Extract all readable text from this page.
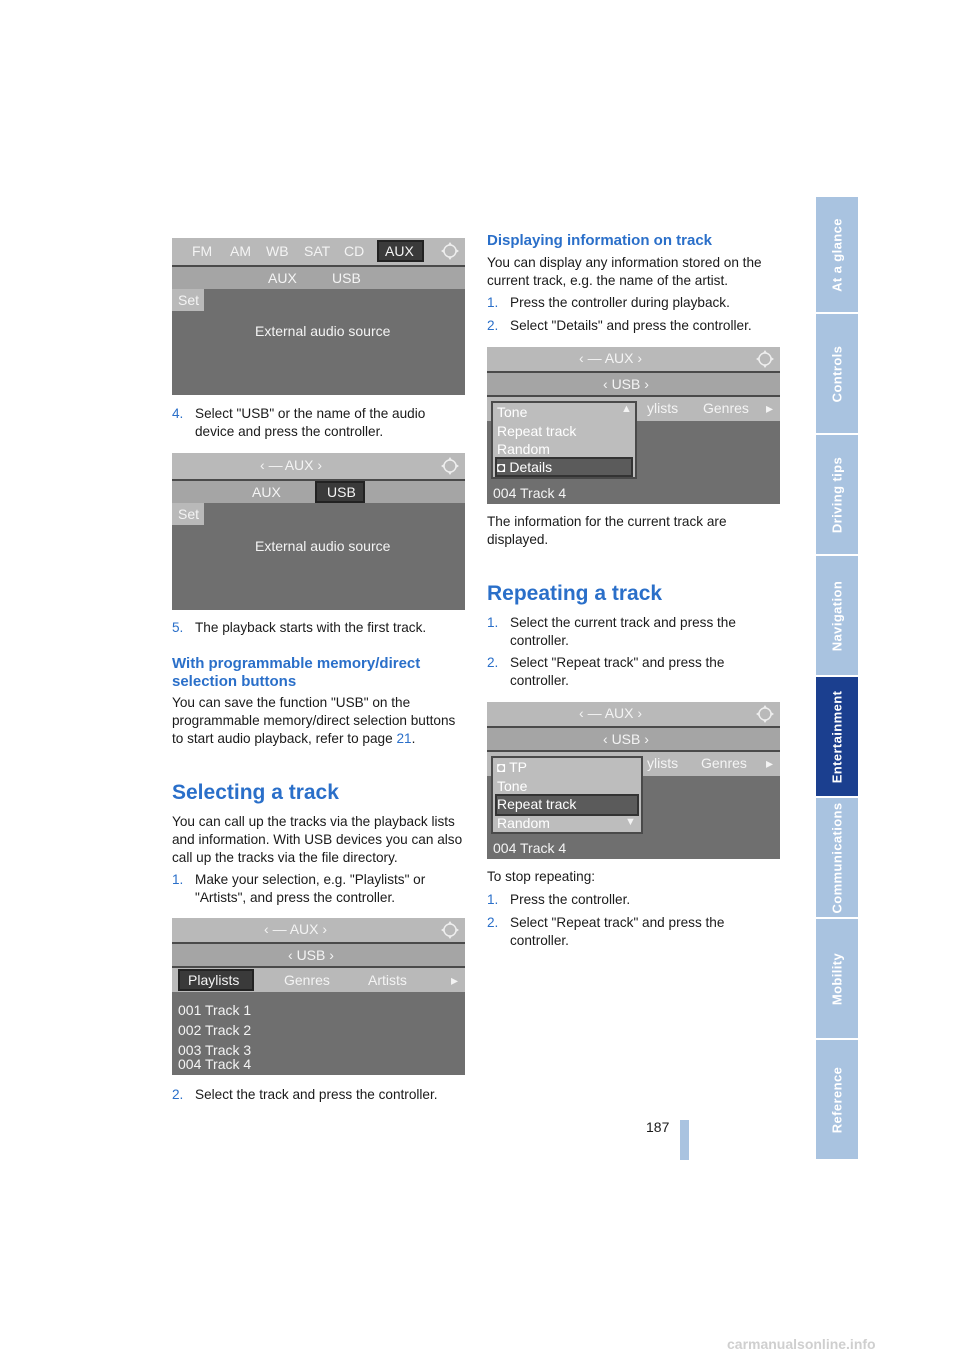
Reference
Mobility
Communications
Entertainment
Navigation
Driving tips
Controls
At a glance
FM AM WB SAT CD AUX
AUX	USB
Set
External audio source
‹ — AUX ›
AUX	USB
Set
External audio source
‹ — AUX ›
‹ USB ›
Playlists	Genres	Artists	▸
001 Track 1
002 Track 2
003 Track 3
004 Track 4
‹ — AUX ›
‹ USB ›
ylists Genres ▸
Tone
Repeat track
Random
◘ Details
▲
004 Track 4
‹ — AUX ›
‹ USB ›
ylists Genres ▸
◘ TP
Tone
Repeat track
Random	▼
004 Track 4
4. Select "USB" or the name of the audio device and press the controller.
5. The playback starts with the first track.
With programmable memory/direct selection buttons
You can save the function "USB" on the programmable memory/direct selection buttons to start audio playback, refer to page 21.
Selecting a track
You can call up the tracks via the playback lists and information. With USB devices you can also call up the tracks via the file directory.
1. Make your selection, e.g. "Playlists" or "Artists", and press the controller.
2. Select the track and press the controller.
Displaying information on track
You can display any information stored on the current track, e.g. the name of the artist.
1. Press the controller during playback.
2. Select "Details" and press the controller.
The information for the current track are displayed.
Repeating a track
1. Select the current track and press the controller.
2. Select "Repeat track" and press the controller.
To stop repeating:
1. Press the controller.
2. Select "Repeat track" and press the controller.
187
carmanualsonline.info
